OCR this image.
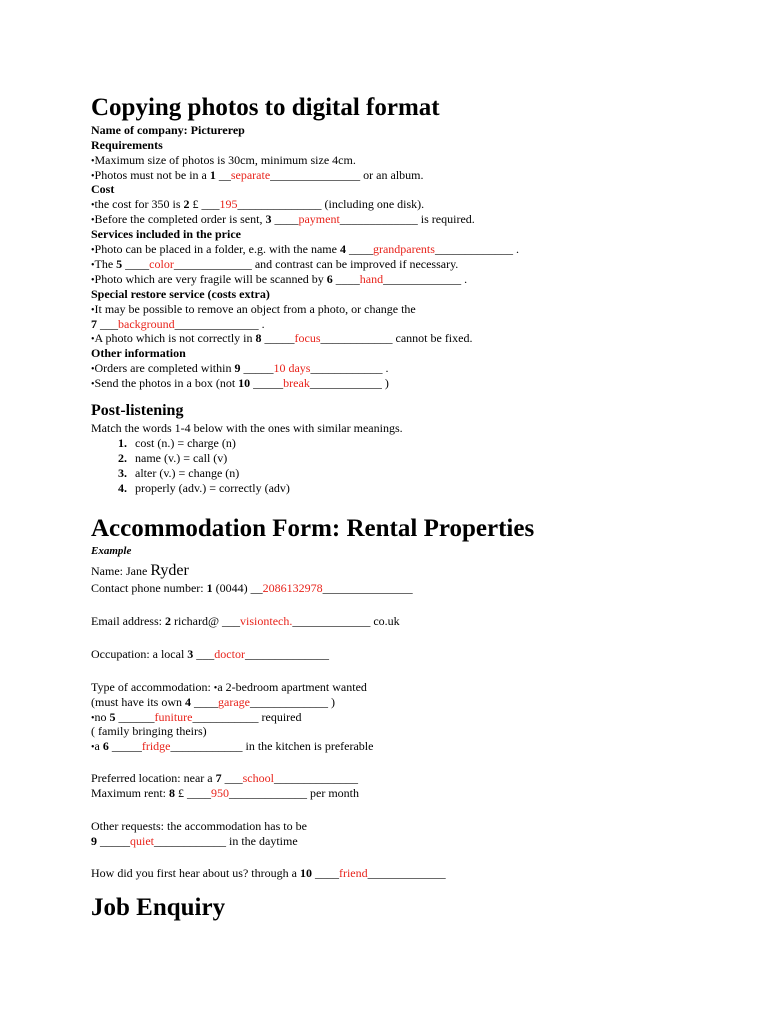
Copying photos to digital format
Name of company: Picturerep
Requirements
•Maximum size of photos is 30cm, minimum size 4cm.
•Photos must not be in a 1 __separate_______________ or an album.
Cost
•the cost for 350 is 2 £ ___195______________ (including one disk).
•Before the completed order is sent, 3 ____payment_____________ is required.
Services included in the price
•Photo can be placed in a folder, e.g. with the name 4 ____grandparents_____________ .
•The 5 ____color_____________ and contrast can be improved if necessary.
•Photo which are very fragile will be scanned by 6 ____hand_____________ .
Special restore service (costs extra)
•It may be possible to remove an object from a photo, or change the
7 ___background______________ .
•A photo which is not correctly in 8 _____focus____________ cannot be fixed.
Other information
•Orders are completed within 9 _____10 days____________ .
•Send the photos in a box (not 10 _____break____________ )
Post-listening
Match the words 1-4 below with the ones with similar meanings.
1. cost (n.) = charge (n)
2. name (v.) = call (v)
3. alter (v.) = change (n)
4. properly (adv.) = correctly (adv)
Accommodation Form: Rental Properties
Example
Name: Jane Ryder
Contact phone number: 1 (0044) __2086132978_______________
Email address: 2 richard@ ___visiontech._____________ co.uk
Occupation: a local 3 ___doctor______________
Type of accommodation: •a 2-bedroom apartment wanted
(must have its own 4 ____garage_____________ )
•no 5 ______funiture___________ required
( family bringing theirs)
•a 6 _____fridge____________ in the kitchen is preferable
Preferred location: near a 7 ___school______________
Maximum rent: 8 £ ____950_____________ per month
Other requests: the accommodation has to be
9 _____quiet____________ in the daytime
How did you first hear about us? through a 10 ____friend_____________
Job Enquiry
